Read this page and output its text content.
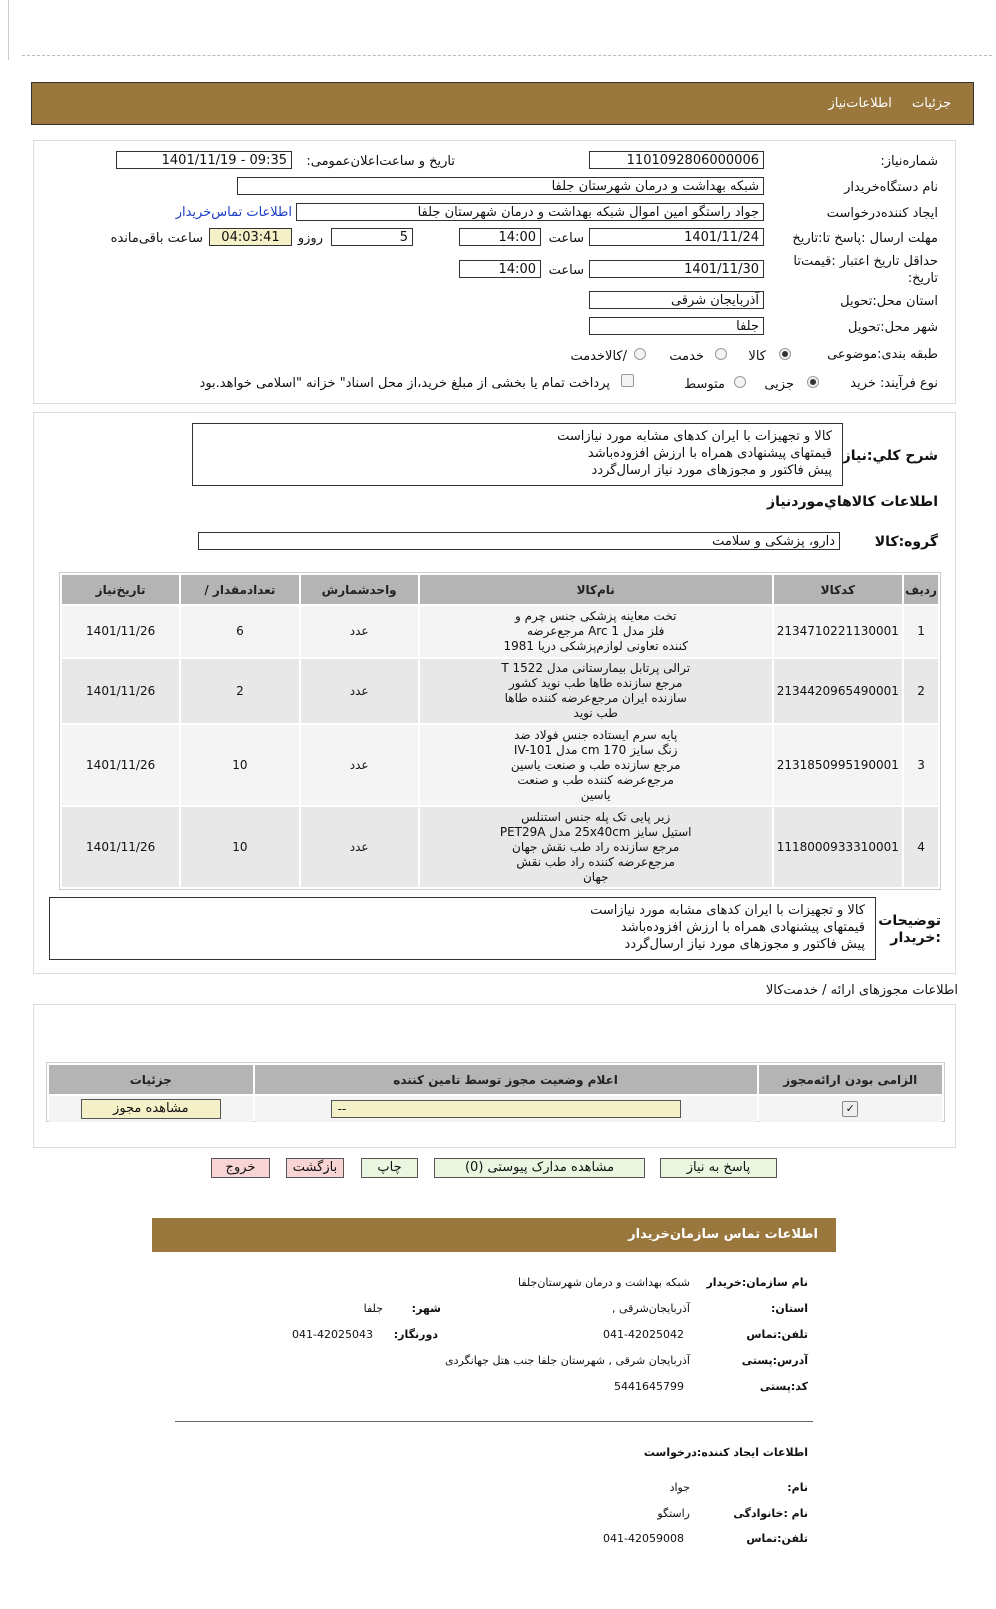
جزئیات اطلاعات‌نیاز
شماره‌نیاز:
1101092806000006
تاریخ و ساعت‌اعلان‌عمومی:
1401/11/19 - 09:35
نام دستگاه‌خریدار
شبکه بهداشت و درمان شهرستان جلفا
ایجاد کننده‌درخواست
جواد راستگو امین اموال شبکه بهداشت و درمان شهرستان جلفا
اطلاعات تماس‌خریدار
مهلت ارسال :پاسخ تا:تاریخ
1401/11/24
ساعت
14:00
5
روزو
04:03:41
ساعت باقی‌مانده
حداقل تاریخ اعتبار :قیمت‌تا
تاریخ:
1401/11/30
ساعت
14:00
استان محل:تحویل
آذربایجان شرقی
شهر محل:تحویل
جلفا
طبقه بندی:موضوعی
کالا
خدمت
/کالاخدمت
نوع فرآیند: خرید
جزیی
متوسط
پرداخت تمام یا بخشی از مبلغ خرید،از محل اسناد" خزانه "اسلامی خواهد.بود
شرح كلي:نیاز
کالا و تجهیزات با ایران کدهای مشابه مورد نیازاست
قیمتهای پیشنهادی همراه با ارزش افزوده‌باشد
پیش فاکتور و مجوزهای مورد نیاز ارسال‌گردد
اطلاعات كالاهاي‌موردنیاز
گروه:کالا
دارو، پزشکی و سلامت
تاریخ‌نیاز	/ تعدادمقدار	واحدشمارش	نام‌کالا	کدکالا	ردیف
1401/11/26	6	عدد	تخت معاینه پزشکی جنس چرم و
فلز مدل Arc 1 مرجع‌عرضه
کننده تعاونی لوازم‌پزشکی دریا 1981	2134710221130001	1
1401/11/26	2	عدد	ترالی پرتابل بیمارستانی مدل T 1522
مرجع سازنده طاها طب نوید کشور
سازنده ایران مرجع‌عرضه کننده طاها
طب نوید	2134420965490001	2
1401/11/26	10	عدد	پایه سرم ایستاده جنس فولاد ضد
زنگ سایز 170 cm مدل IV-101
مرجع سازنده طب و صنعت یاسین
مرجع‌عرضه کننده طب و صنعت
یاسین	2131850995190001	3
1401/11/26	10	عدد	زیر پایی تک پله جنس استنلس
استیل سایز 25x40cm مدل PET29A
مرجع سازنده راد طب نقش جهان
مرجع‌عرضه کننده راد طب نقش
جهان	1118000933310001	4
توضیحات
:خریدار
کالا و تجهیزات با ایران کدهای مشابه مورد نیازاست
قیمتهای پیشنهادی همراه با ارزش افزوده‌باشد
پیش فاکتور و مجوزهای مورد نیاز ارسال‌گردد
اطلاعات مجوزهای ارائه / خدمت‌کالا
جزئیات	اعلام وضعیت مجوز توسط تامین کننده	الزامی بودن ارائه‌مجوز

مشاهده مجوز	--	✓
پاسخ به نیاز
مشاهده مدارک پیوستی (0)
چاپ
بازگشت
خروج
اطلاعات تماس سازمان‌خریدار
نام سازمان:خریدار
شبکه بهداشت و درمان شهرستان‌جلفا
استان:
آذربایجان‌شرقی ,
شهر:
جلفا
تلفن:تماس
041-42025042
دورنگار:
041-42025043
آدرس:پستی
آذربایجان شرقی , شهرستان جلفا جنب هتل جهانگردی
کد:پستی
5441645799
اطلاعات ایجاد کننده:درخواست
نام:
جواد
نام :خانوادگی
راستگو
تلفن:تماس
041-42059008
